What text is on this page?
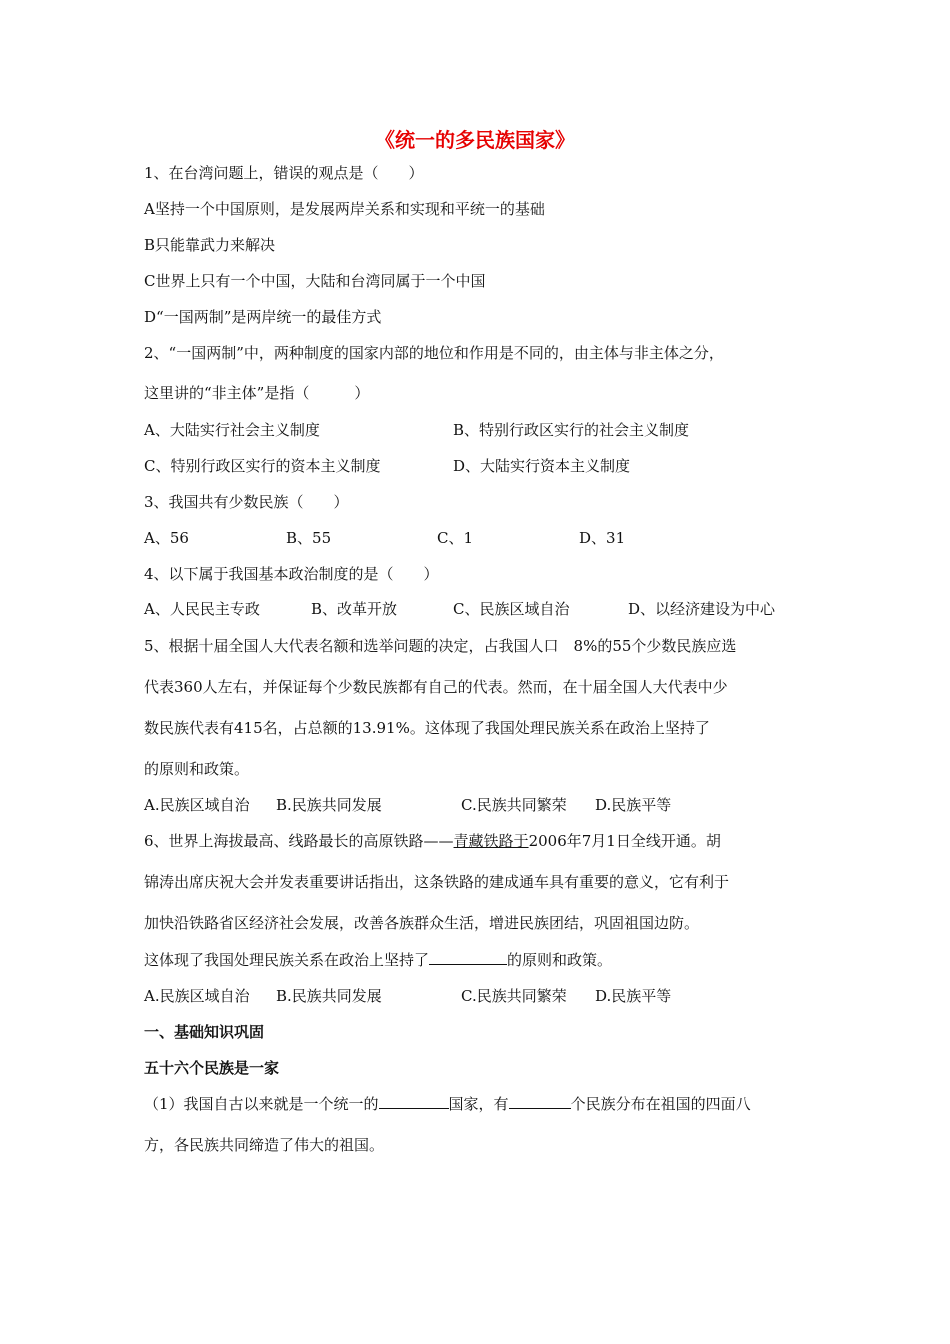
《统一的多民族国家》
1、在台湾问题上，错误的观点是（　　）
A坚持一个中国原则，是发展两岸关系和实现和平统一的基础
B只能靠武力来解决
C世界上只有一个中国，大陆和台湾同属于一个中国
D“一国两制”是两岸统一的最佳方式
2、“一国两制”中，两种制度的国家内部的地位和作用是不同的，由主体与非主体之分，
这里讲的“非主体”是指（　　　）
A、大陆实行社会主义制度	B、特别行政区实行的社会主义制度
C、特别行政区实行的资本主义制度	D、大陆实行资本主义制度
3、我国共有少数民族（　　）
A、56	B、55	C、1	D、31
4、以下属于我国基本政治制度的是（　　）
A、人民民主专政	B、改革开放	C、民族区域自治	D、以经济建设为中心
5、根据十届全国人大代表名额和选举问题的决定，占我国人口　8%的55个少数民族应选
代表360人左右，并保证每个少数民族都有自己的代表。然而，在十届全国人大代表中少
数民族代表有415名，占总额的13.91%。这体现了我国处理民族关系在政治上坚持了
的原则和政策。
A.民族区域自治 B.民族共同发展	C.民族共同繁荣 D.民族平等
6、世界上海拔最高、线路最长的高原铁路——青藏铁路于2006年7月1日全线开通。胡
锦涛出席庆祝大会并发表重要讲话指出，这条铁路的建成通车具有重要的意义，它有利于
加快沿铁路省区经济社会发展，改善各族群众生活，增进民族团结，巩固祖国边防。
这体现了我国处理民族关系在政治上坚持了	的原则和政策。
A.民族区域自治 B.民族共同发展	C.民族共同繁荣 D.民族平等
一、基础知识巩固
五十六个民族是一家
（1）我国自古以来就是一个统一的	国家，有	个民族分布在祖国的四面八
方，各民族共同缔造了伟大的祖国。
